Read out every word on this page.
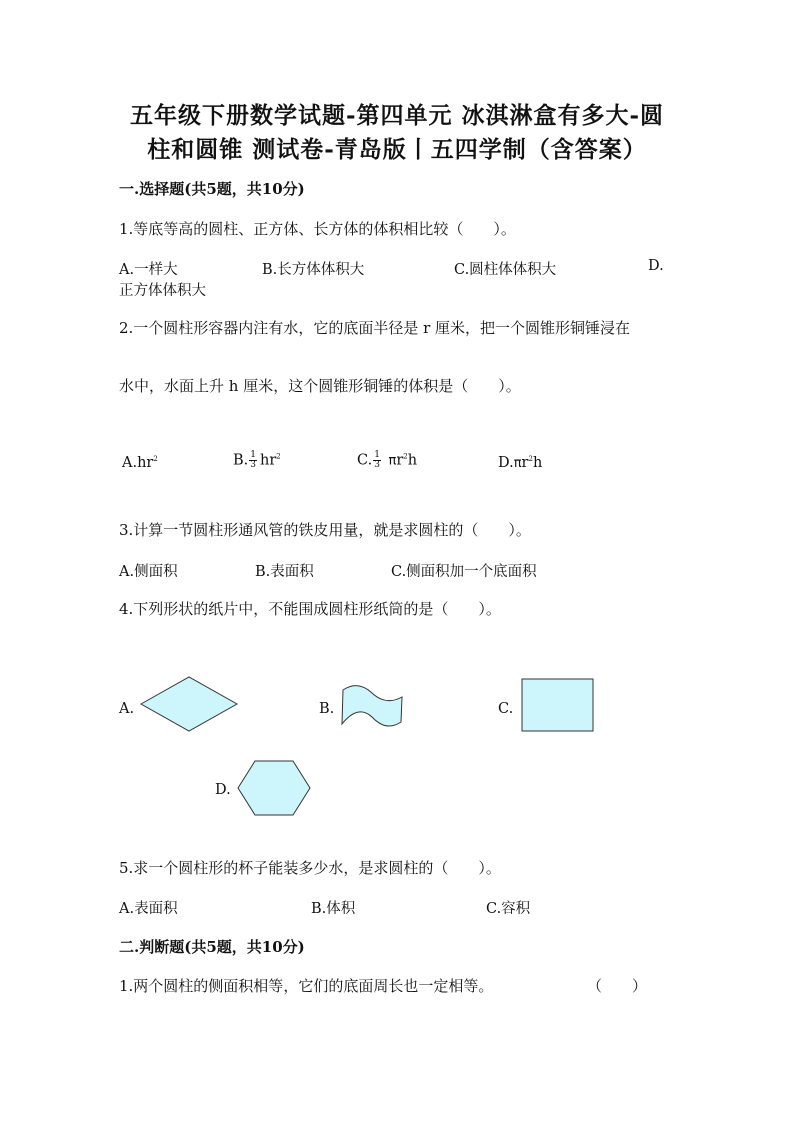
五年级下册数学试题-第四单元 冰淇淋盒有多大-圆
柱和圆锥 测试卷-青岛版丨五四学制（含答案）
一.选择题(共5题，共10分)
1.等底等高的圆柱、正方体、长方体的体积相比较（　　）。
A.一样大	B.长方体体积大	C.圆柱体体积大	D.
正方体体积大
2.一个圆柱形容器内注有水，它的底面半径是 r 厘米，把一个圆锥形铜锤浸在
水中，水面上升 h 厘米，这个圆锥形铜锤的体积是（　　）。
$A.hr^2$	B. $\frac{1}{3} hr^2$	C. $\frac{1}{3} \pi r^2h$	$D.\pi r^2h$
3.计算一节圆柱形通风管的铁皮用量，就是求圆柱的（　　）。
A.侧面积	B.表面积	C.侧面积加一个底面积
4.下列形状的纸片中，不能围成圆柱形纸筒的是（　　）。
A.	B.	C.
D.
5.求一个圆柱形的杯子能装多少水，是求圆柱的（　　）。
A.表面积	B.体积	C.容积
二.判断题(共5题，共10分)
1.两个圆柱的侧面积相等，它们的底面周长也一定相等。	（　　）
